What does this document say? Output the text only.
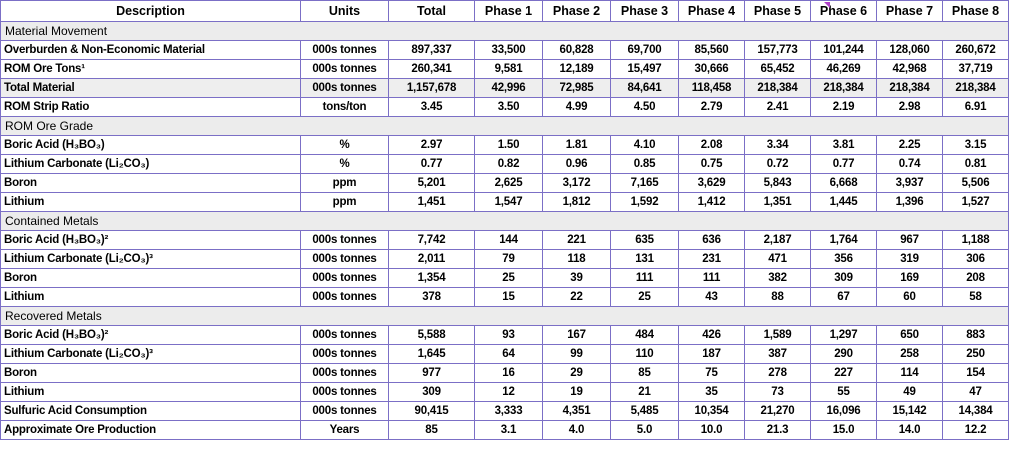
Description	Units	Total	Phase 1	Phase 2	Phase 3	Phase 4	Phase 5	Phase 6	Phase 7	Phase 8
Material Movement										
Overburden & Non-Economic Material	000s tonnes	897,337	33,500	60,828	69,700	85,560	157,773	101,244	128,060	260,672
ROM Ore Tons¹	000s tonnes	260,341	9,581	12,189	15,497	30,666	65,452	46,269	42,968	37,719
Total Material	000s tonnes	1,157,678	42,996	72,985	84,641	118,458	218,384	218,384	218,384	218,384
ROM Strip Ratio	tons/ton	3.45	3.50	4.99	4.50	2.79	2.41	2.19	2.98	6.91
ROM Ore Grade										
Boric Acid (H₃BO₃)	%	2.97	1.50	1.81	4.10	2.08	3.34	3.81	2.25	3.15
Lithium Carbonate (Li₂CO₃)	%	0.77	0.82	0.96	0.85	0.75	0.72	0.77	0.74	0.81
Boron	ppm	5,201	2,625	3,172	7,165	3,629	5,843	6,668	3,937	5,506
Lithium	ppm	1,451	1,547	1,812	1,592	1,412	1,351	1,445	1,396	1,527
Contained Metals										
Boric Acid (H₃BO₃)²	000s tonnes	7,742	144	221	635	636	2,187	1,764	967	1,188
Lithium Carbonate (Li₂CO₃)³	000s tonnes	2,011	79	118	131	231	471	356	319	306
Boron	000s tonnes	1,354	25	39	111	111	382	309	169	208
Lithium	000s tonnes	378	15	22	25	43	88	67	60	58
Recovered Metals										
Boric Acid (H₃BO₃)²	000s tonnes	5,588	93	167	484	426	1,589	1,297	650	883
Lithium Carbonate (Li₂CO₃)³	000s tonnes	1,645	64	99	110	187	387	290	258	250
Boron	000s tonnes	977	16	29	85	75	278	227	114	154
Lithium	000s tonnes	309	12	19	21	35	73	55	49	47
Sulfuric Acid Consumption	000s tonnes	90,415	3,333	4,351	5,485	10,354	21,270	16,096	15,142	14,384
Approximate Ore Production	Years	85	3.1	4.0	5.0	10.0	21.3	15.0	14.0	12.2
